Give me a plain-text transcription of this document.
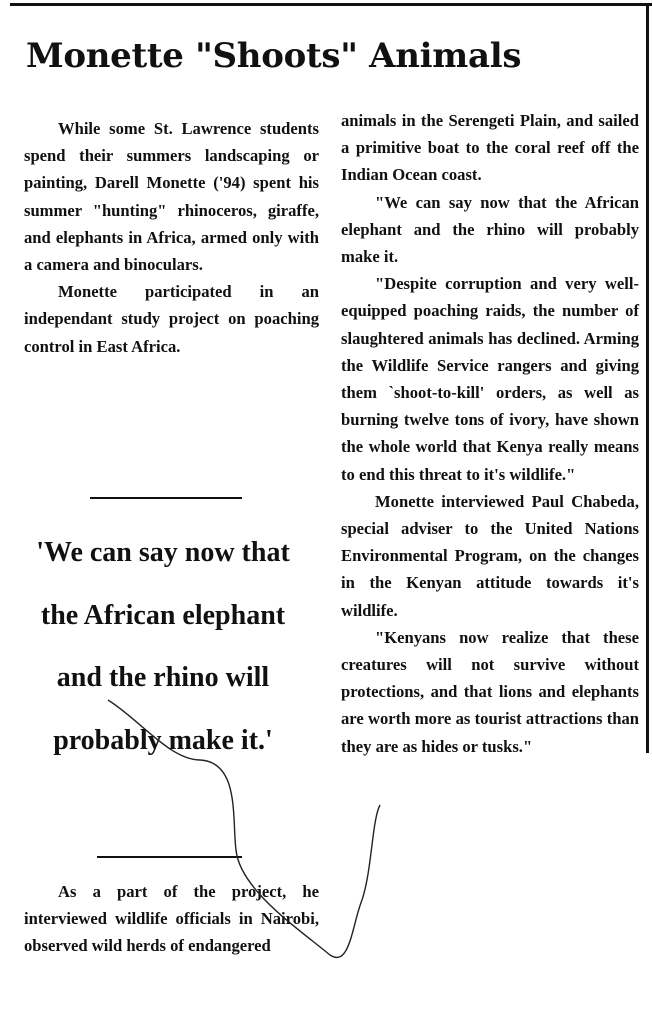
Monette "Shoots" Animals

While some St. Lawrence students spend their summers landscaping or painting, Darell Monette ('94) spent his summer "hunting" rhinoceros, giraffe, and elephants in Africa, armed only with a camera and binoculars.

Monette participated in an independant study project on poaching control in East Africa.

'We can say now that the African elephant and the rhino will probably make it.'

As a part of the project, he interviewed wildlife officials in Nairobi, observed wild herds of endangered

animals in the Serengeti Plain, and sailed a primitive boat to the coral reef off the Indian Ocean coast.

"We can say now that the African elephant and the rhino will probably make it.

"Despite corruption and very well-equipped poaching raids, the number of slaughtered animals has declined. Arming the Wildlife Service rangers and giving them `shoot-to-kill' orders, as well as burning twelve tons of ivory, have shown the whole world that Kenya really means to end this threat to it's wildlife."

Monette interviewed Paul Chabeda, special adviser to the United Nations Environmental Program, on the changes in the Kenyan attitude towards it's wildlife.

"Kenyans now realize that these creatures will not survive without protections, and that lions and elephants are worth more as tourist attractions than they are as hides or tusks."
